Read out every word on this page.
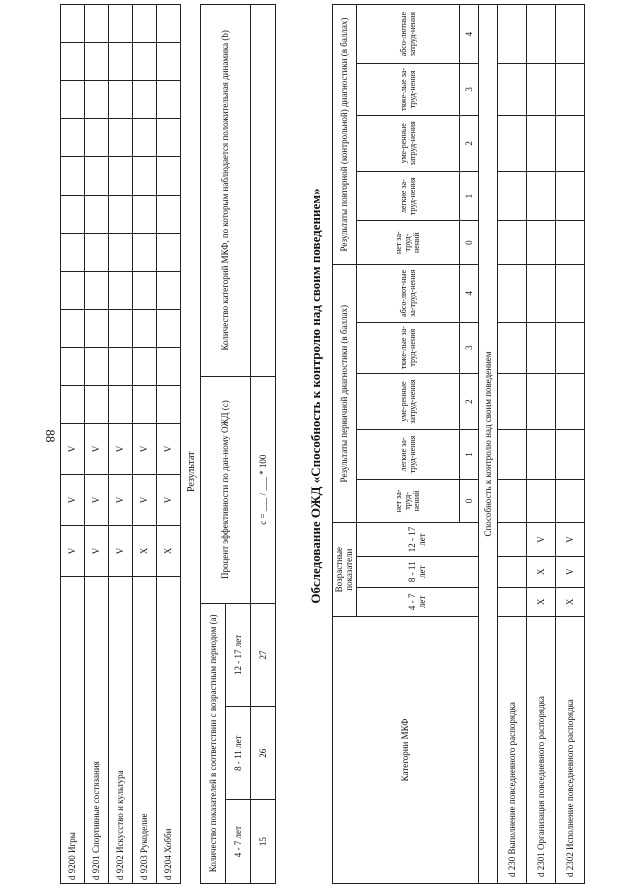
88
d 9200 Игры	V	V	V											
d 9201 Спортивные состязания	V	V	V											
d 9202 Искусство и культура	V	V	V											
d 9203 Рукоделие	X	V	V											
d 9204 Хобби	X	V	V											
Результат
Количество показателей в соответствии с возрастным периодом (a)			Процент эффективности по дан-ному ОЖД (c)	Количество категорий МКФ, по которым наблюдается положительная динамика (b)
4 - 7 лет	8 - 11 лет	12 - 17 лет		
15	26	27	c = ___ / ___ * 100		Обследование ОЖД «Способность к контролю над своим поведением»
Категории МКФ	Возрастные показатели			Результаты первичной диагностики (в баллах)					Результаты повторной (контрольной) диагностики (в баллах)				
	4 - 7 лет	8 - 11 лет	12 - 17 лет	нет за-труд-нений	легкие за-труд-нения	уме-ренные затруд-нения	тяже-лые за-труд-нения	абсо-лют-ные за-труд-нения	нет за-труд-нений	легкие за-труд-нения	уме-ренные затруд-нения	тяже-лые за-труд-нения	абсо-лютные затруд-нения
				0	1	2	3	4	0	1	2	3	4
Способность к контролю над своим поведением													
d 230 Выполнение повседневного распорядка													
d 2301 Организация повседневного распорядка	X	X	V										
d 2302 Исполнение повседневного распорядка	X	V	V										
